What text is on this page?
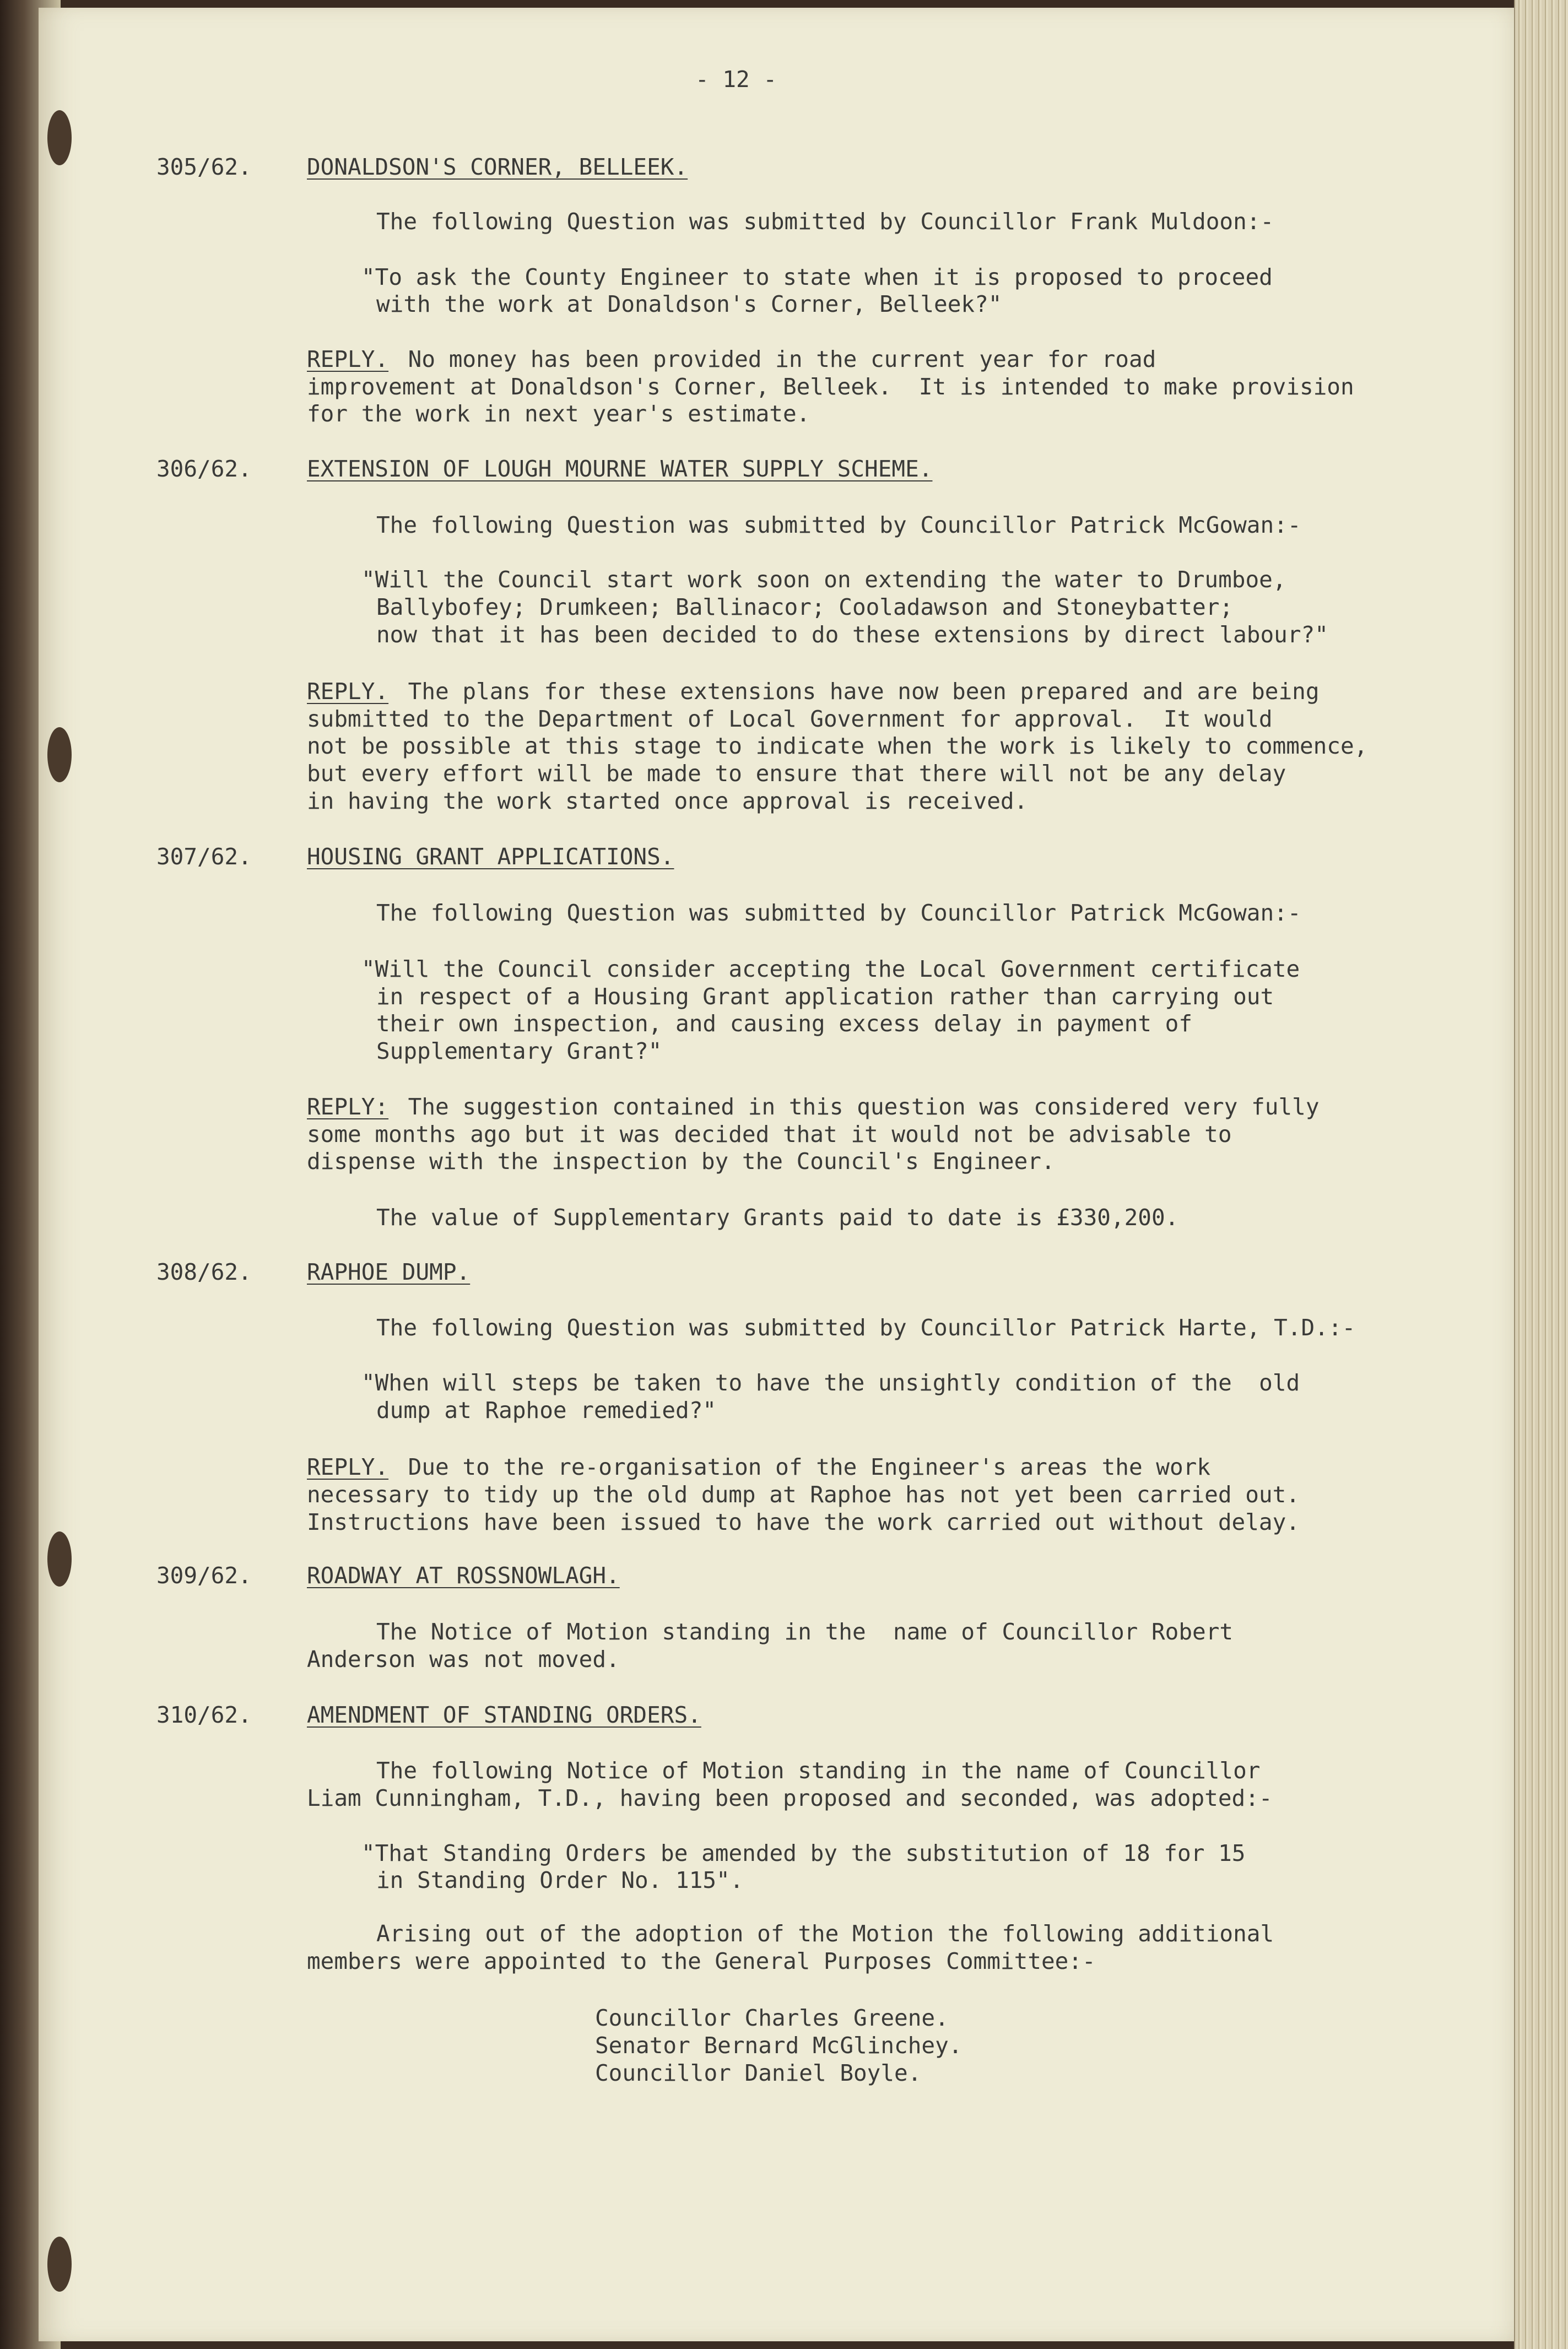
- 12 -
305/62. DONALDSON'S CORNER, BELLEEK.
The following Question was submitted by Councillor Frank Muldoon:-
"To ask the County Engineer to state when it is proposed to proceed
with the work at Donaldson's Corner, Belleek?"
REPLY. No money has been provided in the current year for road
improvement at Donaldson's Corner, Belleek.  It is intended to make provision
for the work in next year's estimate.
306/62. EXTENSION OF LOUGH MOURNE WATER SUPPLY SCHEME.
The following Question was submitted by Councillor Patrick McGowan:-
"Will the Council start work soon on extending the water to Drumboe,
Ballybofey; Drumkeen; Ballinacor; Cooladawson and Stoneybatter;
now that it has been decided to do these extensions by direct labour?"
REPLY. The plans for these extensions have now been prepared and are being
submitted to the Department of Local Government for approval.  It would
not be possible at this stage to indicate when the work is likely to commence,
but every effort will be made to ensure that there will not be any delay
in having the work started once approval is received.
307/62. HOUSING GRANT APPLICATIONS.
The following Question was submitted by Councillor Patrick McGowan:-
"Will the Council consider accepting the Local Government certificate
in respect of a Housing Grant application rather than carrying out
their own inspection, and causing excess delay in payment of
Supplementary Grant?"
REPLY: The suggestion contained in this question was considered very fully
some months ago but it was decided that it would not be advisable to
dispense with the inspection by the Council's Engineer.
The value of Supplementary Grants paid to date is £330,200.
308/62. RAPHOE DUMP.
The following Question was submitted by Councillor Patrick Harte, T.D.:-
"When will steps be taken to have the unsightly condition of the  old
dump at Raphoe remedied?"
REPLY. Due to the re-organisation of the Engineer's areas the work
necessary to tidy up the old dump at Raphoe has not yet been carried out.
Instructions have been issued to have the work carried out without delay.
309/62. ROADWAY AT ROSSNOWLAGH.
The Notice of Motion standing in the  name of Councillor Robert
Anderson was not moved.
310/62. AMENDMENT OF STANDING ORDERS.
The following Notice of Motion standing in the name of Councillor
Liam Cunningham, T.D., having been proposed and seconded, was adopted:-
"That Standing Orders be amended by the substitution of 18 for 15
in Standing Order No. 115".
Arising out of the adoption of the Motion the following additional
members were appointed to the General Purposes Committee:-
Councillor Charles Greene.
Senator Bernard McGlinchey.
Councillor Daniel Boyle.
